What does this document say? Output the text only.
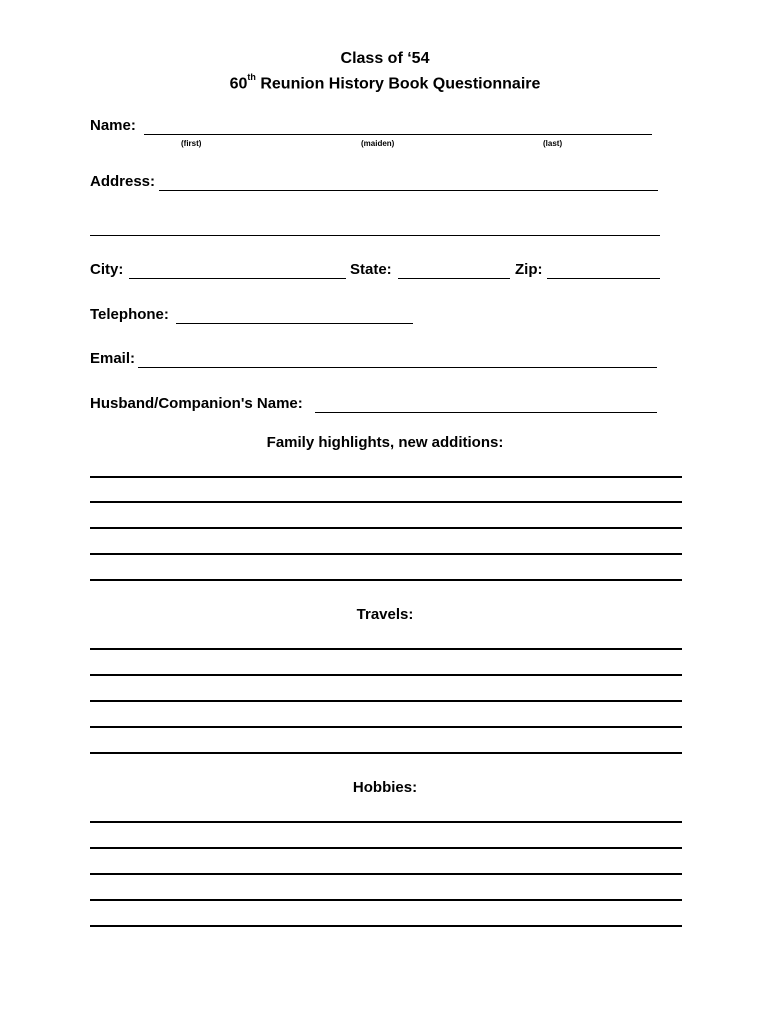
Class of ‘54
60th Reunion History Book Questionnaire
Name:
(first)	(maiden)	(last)
Address:
City:	State:	Zip:
Telephone:
Email:
Husband/Companion's Name:
Family highlights, new additions:
Travels:
Hobbies:
